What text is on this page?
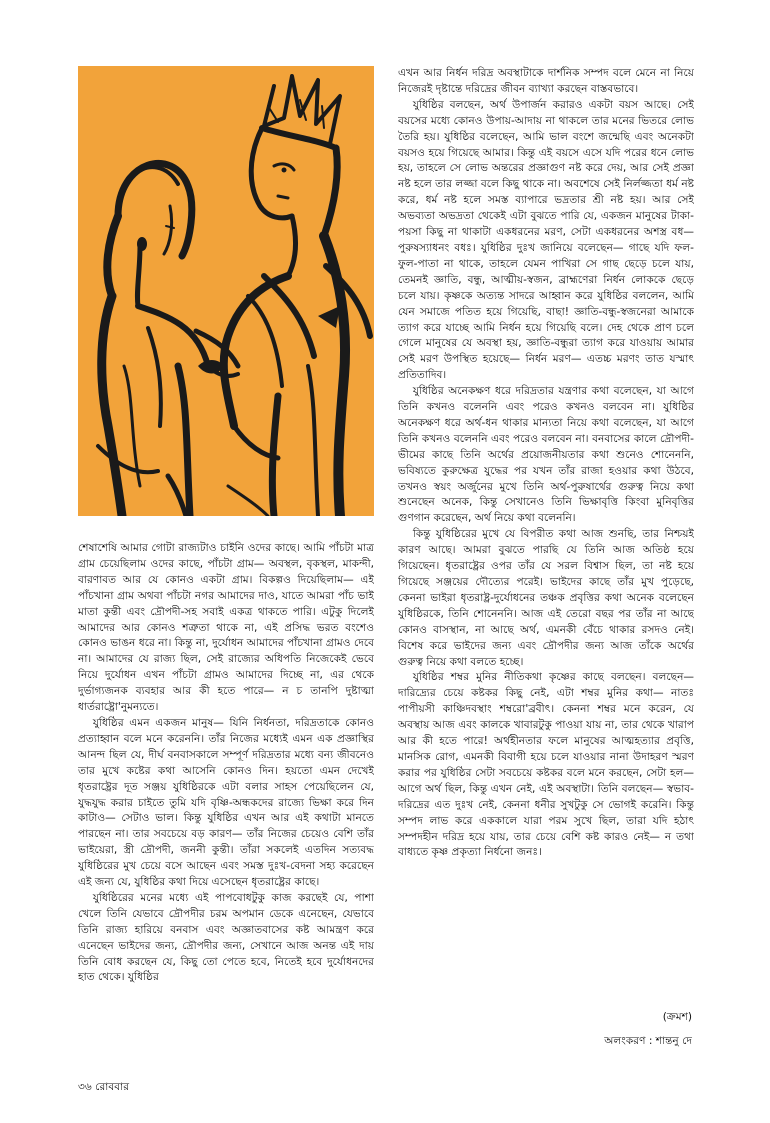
শেষাশেষি আমার গোটা রাজ্যটাও চাইনি ওদের কাছে। আমি পাঁচটা মাত্র গ্রাম চেয়েছিলাম ওদের কাছে, পাঁচটা গ্রাম— অবস্থল, বৃকস্থল, মাকন্দী, বারণাবত আর যে কোনও একটা গ্রাম। বিকল্পও দিয়েছিলাম— এই পাঁচখানা গ্রাম অথবা পাঁচটা নগর আমাদের দাও, যাতে আমরা পাঁচ ভাই মাতা কুন্তী এবং দ্রৌপদী-সহ সবাই একত্র থাকতে পারি। এটুকু দিলেই আমাদের আর কোনও শত্রুতা থাকে না, এই প্রসিদ্ধ ভরত বংশেও কোনও ভাঙন ধরে না। কিন্তু না, দুর্যোধন আমাদের পাঁচখানা গ্রামও দেবে না। আমাদের যে রাজ্য ছিল, সেই রাজ্যের অধিপতি নিজেকেই ভেবে নিয়ে দুর্যোধন এখন পাঁচটা গ্রামও আমাদের দিচ্ছে না, এর থেকে দুর্ভাগ্যজনক ব্যবহার আর কী হতে পারে— ন চ তানপি দুষ্টাত্মা ধার্তরাষ্ট্রো'নুমন্যতে।

যুধিষ্ঠির এমন একজন মানুষ— যিনি নির্ধনতা, দরিদ্রতাকে কোনও প্রত্যাহ্বান বলে মনে করেননি। তাঁর নিজের মধ্যেই এমন এক প্রজ্ঞাস্থির আনন্দ ছিল যে, দীর্ঘ বনবাসকালে সম্পূর্ণ দরিদ্রতার মধ্যে বন্য জীবনেও তার মুখে কষ্টের কথা আসেনি কোনও দিন। হয়তো এমন দেখেই ধৃতরাষ্ট্রের দূত সঞ্জয় যুধিষ্ঠিরকে এটা বলার সাহস পেয়েছিলেন যে, যুদ্ধযুদ্ধ করার চাইতে তুমি যদি বৃষ্ণি-অন্ধকদের রাজ্যে ভিক্ষা করে দিন কাটাও— সেটাও ভাল। কিন্তু যুধিষ্ঠির এখন আর এই কথাটা মানতে পারছেন না। তার সবচেয়ে বড় কারণ— তাঁর নিজের চেয়েও বেশি তাঁর ভাইয়েরা, স্ত্রী দ্রৌপদী, জননী কুন্তী। তাঁরা সকলেই এতদিন সত্যবদ্ধ যুধিষ্ঠিরের মুখ চেয়ে বসে আছেন এবং সমস্ত দুঃখ-বেদনা সহ্য করেছেন এই জন্য যে, যুধিষ্ঠির কথা দিয়ে এসেছেন ধৃতরাষ্ট্রের কাছে।

যুধিষ্ঠিরের মনের মধ্যে এই পাপবোধটুকু কাজ করছেই যে, পাশা খেলে তিনি যেভাবে দ্রৌপদীর চরম অপমান ডেকে এনেছেন, যেভাবে তিনি রাজ্য হারিয়ে বনবাস এবং অজ্ঞাতবাসের কষ্ট আমন্ত্রণ করে এনেছেন ভাইদের জন্য, দ্রৌপদীর জন্য, সেখানে আজ অনন্ত এই দায় তিনি বোধ করছেন যে, কিছু তো পেতে হবে, নিতেই হবে দুর্যোধনদের হাত থেকে। যুধিষ্ঠির

এখন আর নির্ধন দরিদ্র অবস্থাটাকে দার্শনিক সম্পদ বলে মেনে না নিয়ে নিজেরই দৃষ্টান্তে দরিদ্রের জীবন ব্যাখ্যা করছেন বাস্তবভাবে।

যুধিষ্ঠির বলছেন, অর্থ উপার্জন করারও একটা বয়স আছে। সেই বয়সের মধ্যে কোনও উপায়-আদায় না থাকলে তার মনের ভিতরে লোভ তৈরি হয়। যুধিষ্ঠির বলেছেন, আমি ভাল বংশে জন্মেছি এবং অনেকটা বয়সও হয়ে গিয়েছে আমার। কিন্তু এই বয়সে এসে যদি পরের ধনে লোভ হয়, তাহলে সে লোভ অন্তরের প্রজ্ঞাগুণ নষ্ট করে দেয়, আর সেই প্রজ্ঞা নষ্ট হলে তার লজ্জা বলে কিছু থাকে না। অবশেষে সেই নির্লজ্জতা ধর্ম নষ্ট করে, ধর্ম নষ্ট হলে সমস্ত ব্যাপারে ভদ্রতার শ্রী নষ্ট হয়। আর সেই অভব্যতা অভদ্রতা থেকেই এটা বুঝতে পারি যে, একজন মানুষের টাকা-পয়সা কিছু না থাকাটা একধরনের মরণ, সেটা একধরনের অশস্ত্র বধ— পুরুষস্যাধনং বধঃ। যুধিষ্ঠির দুঃখ জানিয়ে বলেছেন— গাছে যদি ফল-ফুল-পাতা না থাকে, তাহলে যেমন পাখিরা সে গাছ ছেড়ে চলে যায়, তেমনই জ্ঞাতি, বন্ধু, আত্মীয়-স্বজন, ব্রাহ্মণেরা নির্ধন লোককে ছেড়ে চলে যায়। কৃষ্ণকে অত্যন্ত সাদরে আহ্বান করে যুধিষ্ঠির বললেন, আমি যেন সমাজে পতিত হয়ে গিয়েছি, বাছা! জ্ঞাতি-বন্ধু-স্বজনেরা আমাকে ত্যাগ করে যাচ্ছে আমি নির্ধন হয়ে গিয়েছি বলে। দেহ থেকে প্রাণ চলে গেলে মানুষের যে অবস্থা হয়, জ্ঞাতি-বন্ধুরা ত্যাগ করে যাওয়ায় আমার সেই মরণ উপস্থিত হয়েছে— নির্ধন মরণ— এতচ্চ মরণং তাত যস্মাৎ প্রতিতাদিব।

যুধিষ্ঠির অনেকক্ষণ ধরে দরিদ্রতার যন্ত্রণার কথা বলেছেন, যা আগে তিনি কখনও বলেননি এবং পরেও কখনও বলবেন না। যুধিষ্ঠির অনেকক্ষণ ধরে অর্থ-ধন থাকার মান্যতা নিয়ে কথা বলেছেন, যা আগে তিনি কখনও বলেননি এবং পরেও বলবেন না। বনবাসের কালে দ্রৌপদী-ভীমের কাছে তিনি অর্থের প্রয়োজনীয়তার কথা শুনেও শোনেননি, ভবিষ্যতে কুরুক্ষেত্র যুদ্ধের পর যখন তাঁর রাজা হওয়ার কথা উঠবে, তখনও স্বয়ং অর্জুনের মুখে তিনি অর্থ-পুরুষার্থের গুরুত্ব নিয়ে কথা শুনেছেন অনেক, কিন্তু সেখানেও তিনি ভিক্ষাবৃত্তি কিংবা মুনিবৃত্তির গুণগান করেছেন, অর্থ নিয়ে কথা বলেননি।

কিন্তু যুধিষ্ঠিরের মুখে যে বিপরীত কথা আজ শুনছি, তার নিশ্চয়ই কারণ আছে। আমরা বুঝতে পারছি যে তিনি আজ অতিষ্ঠ হয়ে গিয়েছেন। ধৃতরাষ্ট্রের ওপর তাঁর যে সরল বিশ্বাস ছিল, তা নষ্ট হয়ে গিয়েছে সঞ্জয়ের দৌত্যের পরেই। ভাইদের কাছে তাঁর মুখ পুড়েছে, কেননা ভাইরা ধৃতরাষ্ট্র-দুর্যোধনের তঞ্চক প্রবৃত্তির কথা অনেক বলেছেন যুধিষ্ঠিরকে, তিনি শোনেননি। আজ এই তেরো বছর পর তাঁর না আছে কোনও বাসস্থান, না আছে অর্থ, এমনকী বেঁচে থাকার রসদও নেই। বিশেষ করে ভাইদের জন্য এবং দ্রৌপদীর জন্য আজ তাঁকে অর্থের গুরুত্ব নিয়ে কথা বলতে হচ্ছে।

যুধিষ্ঠির শম্বর মুনির নীতিকথা কৃষ্ণের কাছে বলছেন। বলছেন— দারিদ্র্যের চেয়ে কষ্টকর কিছু নেই, এটা শম্বর মুনির কথা— নাতঃ পাপীয়সী কাঞ্চিদবস্থাং শম্বরো'ব্রবীৎ। কেননা শম্বর মনে করেন, যে অবস্থায় আজ এবং কালকে খাবারটুকু পাওয়া যায় না, তার থেকে খারাপ আর কী হতে পারে! অর্থহীনতার ফলে মানুষের আত্মহত্যার প্রবৃত্তি, মানসিক রোগ, এমনকী বিবাগী হয়ে চলে যাওয়ার নানা উদাহরণ স্মরণ করার পর যুধিষ্ঠির সেটা সবচেয়ে কষ্টকর বলে মনে করছেন, সেটা হল— আগে অর্থ ছিল, কিন্তু এখন নেই, এই অবস্থাটা। তিনি বলছেন— স্বভাব-দরিদ্রের এত দুঃখ নেই, কেননা ধনীর সুখটুকু সে ভোগই করেনি। কিন্তু সম্পদ লাভ করে এককালে যারা পরম সুখে ছিল, তারা যদি হঠাৎ সম্পদহীন দরিদ্র হয়ে যায়, তার চেয়ে বেশি কষ্ট কারও নেই— ন তথা বাধ্যতে কৃষ্ণ প্রকৃত্যা নির্ধনো জনঃ।

(ক্রমশ)
অলংকরণ : শান্তনু দে
৩৬ রোববার
